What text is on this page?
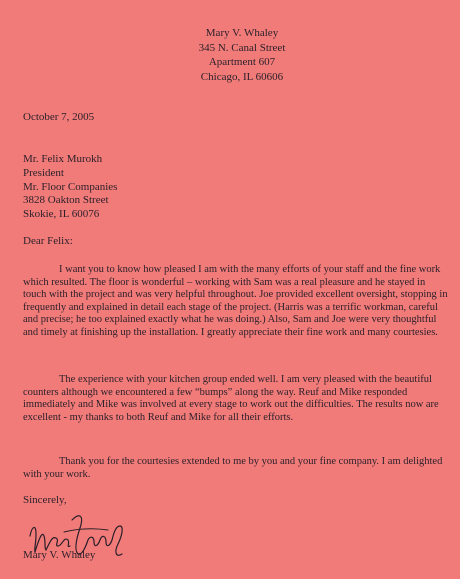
Mary V. Whaley
345 N. Canal Street
Apartment 607
Chicago, IL 60606
October 7, 2005
Mr. Felix Murokh
President
Mr. Floor Companies
3828 Oakton Street
Skokie, IL 60076
Dear Felix:

I want you to know how pleased I am with the many efforts of your staff and the fine work which resulted. The floor is wonderful – working with Sam was a real pleasure and he stayed in touch with the project and was very helpful throughout. Joe provided excellent oversight, stopping in frequently and explained in detail each stage of the project. (Harris was a terrific workman, careful and precise; he too explained exactly what he was doing.) Also, Sam and Joe were very thoughtful and timely at finishing up the installation. I greatly appreciate their fine work and many courtesies.

The experience with your kitchen group ended well. I am very pleased with the beautiful counters although we encountered a few “bumps” along the way. Reuf and Mike responded immediately and Mike was involved at every stage to work out the difficulties. The results now are excellent - my thanks to both Reuf and Mike for all their efforts.

Thank you for the courtesies extended to me by you and your fine company. I am delighted with your work.

Sincerely,
Mary V. Whaley
